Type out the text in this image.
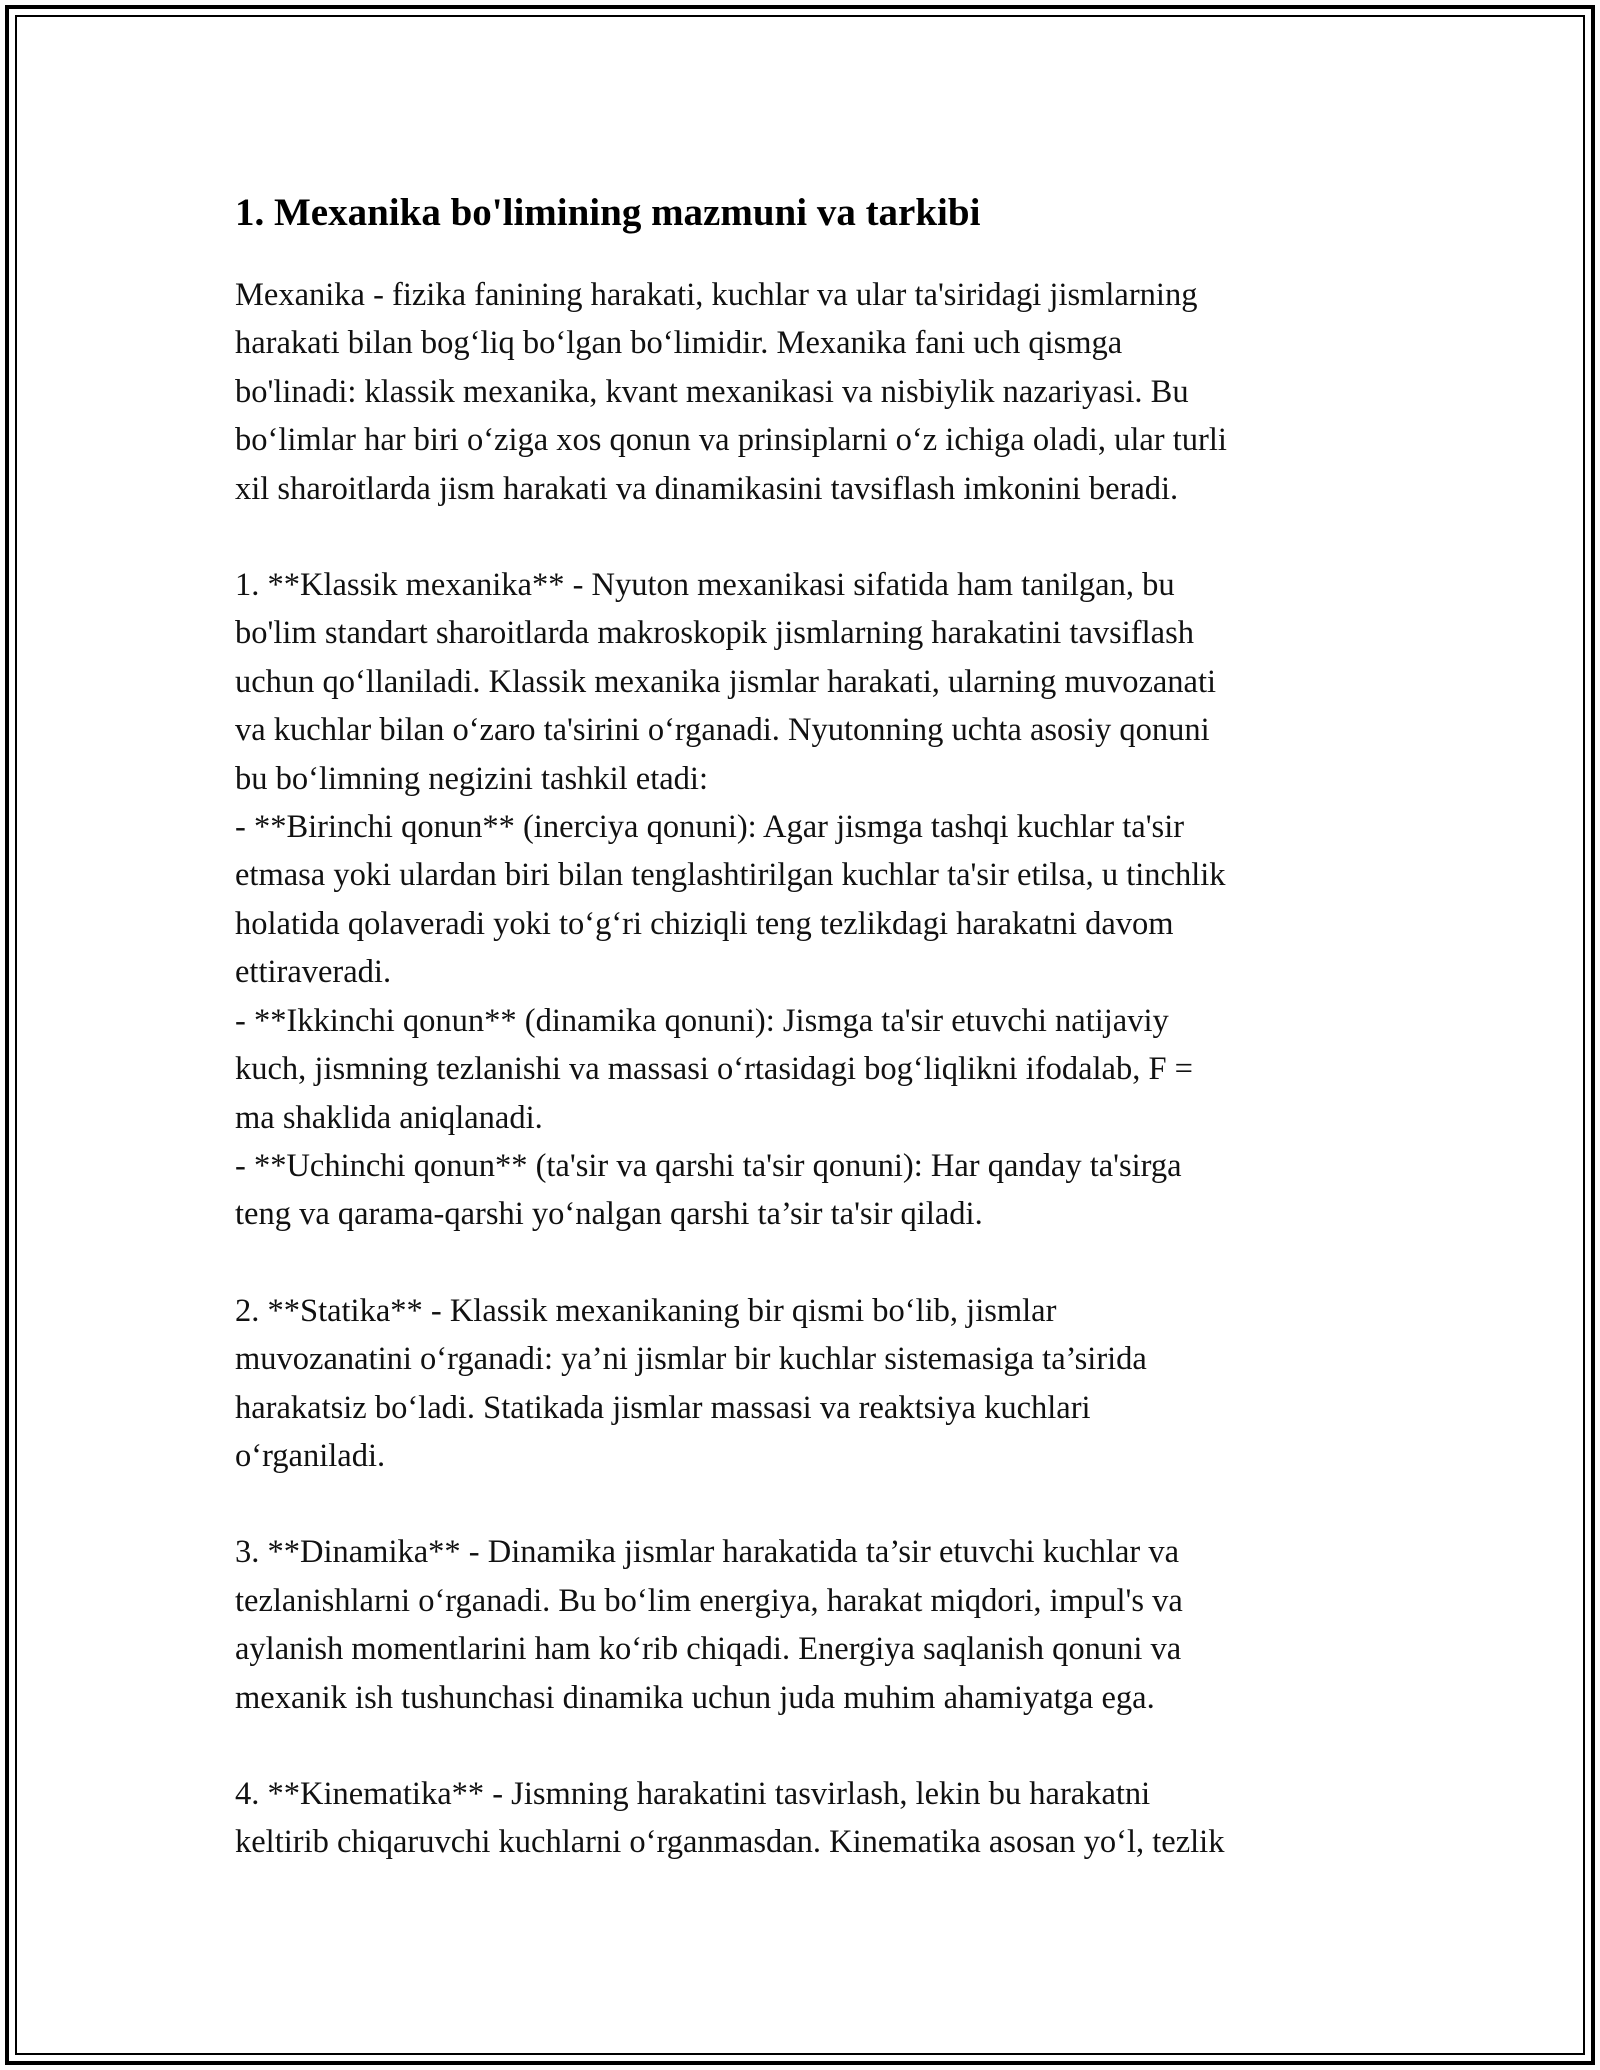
1. Mexanika bo'limining mazmuni va tarkibi

Mexanika - fizika fanining harakati, kuchlar va ular ta'siridagi jismlarning
harakati bilan bog‘liq bo‘lgan bo‘limidir. Mexanika fani uch qismga
bo'linadi: klassik mexanika, kvant mexanikasi va nisbiylik nazariyasi. Bu
bo‘limlar har biri o‘ziga xos qonun va prinsiplarni o‘z ichiga oladi, ular turli
xil sharoitlarda jism harakati va dinamikasini tavsiflash imkonini beradi.

1. **Klassik mexanika** - Nyuton mexanikasi sifatida ham tanilgan, bu
bo'lim standart sharoitlarda makroskopik jismlarning harakatini tavsiflash
uchun qo‘llaniladi. Klassik mexanika jismlar harakati, ularning muvozanati
va kuchlar bilan o‘zaro ta'sirini o‘rganadi. Nyutonning uchta asosiy qonuni
bu bo‘limning negizini tashkil etadi:
- **Birinchi qonun** (inerciya qonuni): Agar jismga tashqi kuchlar ta'sir
etmasa yoki ulardan biri bilan tenglashtirilgan kuchlar ta'sir etilsa, u tinchlik
holatida qolaveradi yoki to‘g‘ri chiziqli teng tezlikdagi harakatni davom
ettiraveradi.
- **Ikkinchi qonun** (dinamika qonuni): Jismga ta'sir etuvchi natijaviy
kuch, jismning tezlanishi va massasi o‘rtasidagi bog‘liqlikni ifodalab, F =
ma shaklida aniqlanadi.
- **Uchinchi qonun** (ta'sir va qarshi ta'sir qonuni): Har qanday ta'sirga
teng va qarama-qarshi yo‘nalgan qarshi ta’sir ta'sir qiladi.

2. **Statika** - Klassik mexanikaning bir qismi bo‘lib, jismlar
muvozanatini o‘rganadi: ya’ni jismlar bir kuchlar sistemasiga ta’sirida
harakatsiz bo‘ladi. Statikada jismlar massasi va reaktsiya kuchlari
o‘rganiladi.

3. **Dinamika** - Dinamika jismlar harakatida ta’sir etuvchi kuchlar va
tezlanishlarni o‘rganadi. Bu bo‘lim energiya, harakat miqdori, impul's va
aylanish momentlarini ham ko‘rib chiqadi. Energiya saqlanish qonuni va
mexanik ish tushunchasi dinamika uchun juda muhim ahamiyatga ega.

4. **Kinematika** - Jismning harakatini tasvirlash, lekin bu harakatni
keltirib chiqaruvchi kuchlarni o‘rganmasdan. Kinematika asosan yo‘l, tezlik
